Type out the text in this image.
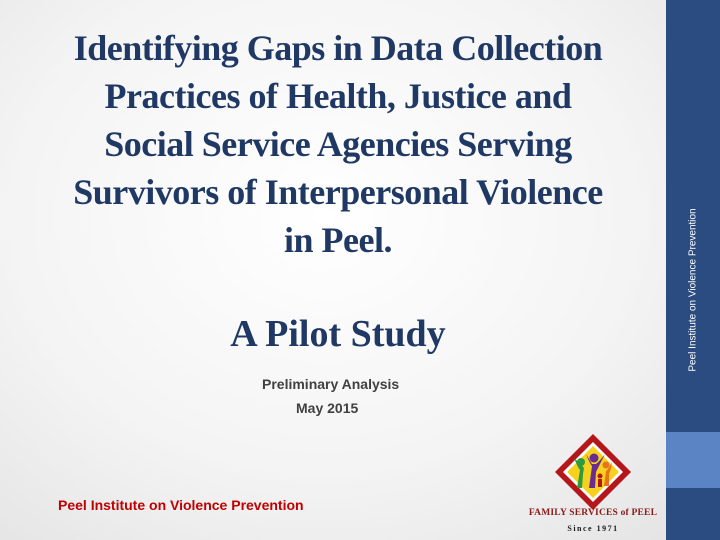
Identifying Gaps in Data Collection
Practices of Health, Justice and
Social Service Agencies Serving
Survivors of Interpersonal Violence
in Peel.
A Pilot Study
Preliminary Analysis
May 2015
Peel Institute on Violence Prevention
Peel Institute on Violence Prevention
FAMILY SERVICES of PEEL
Since 1971
